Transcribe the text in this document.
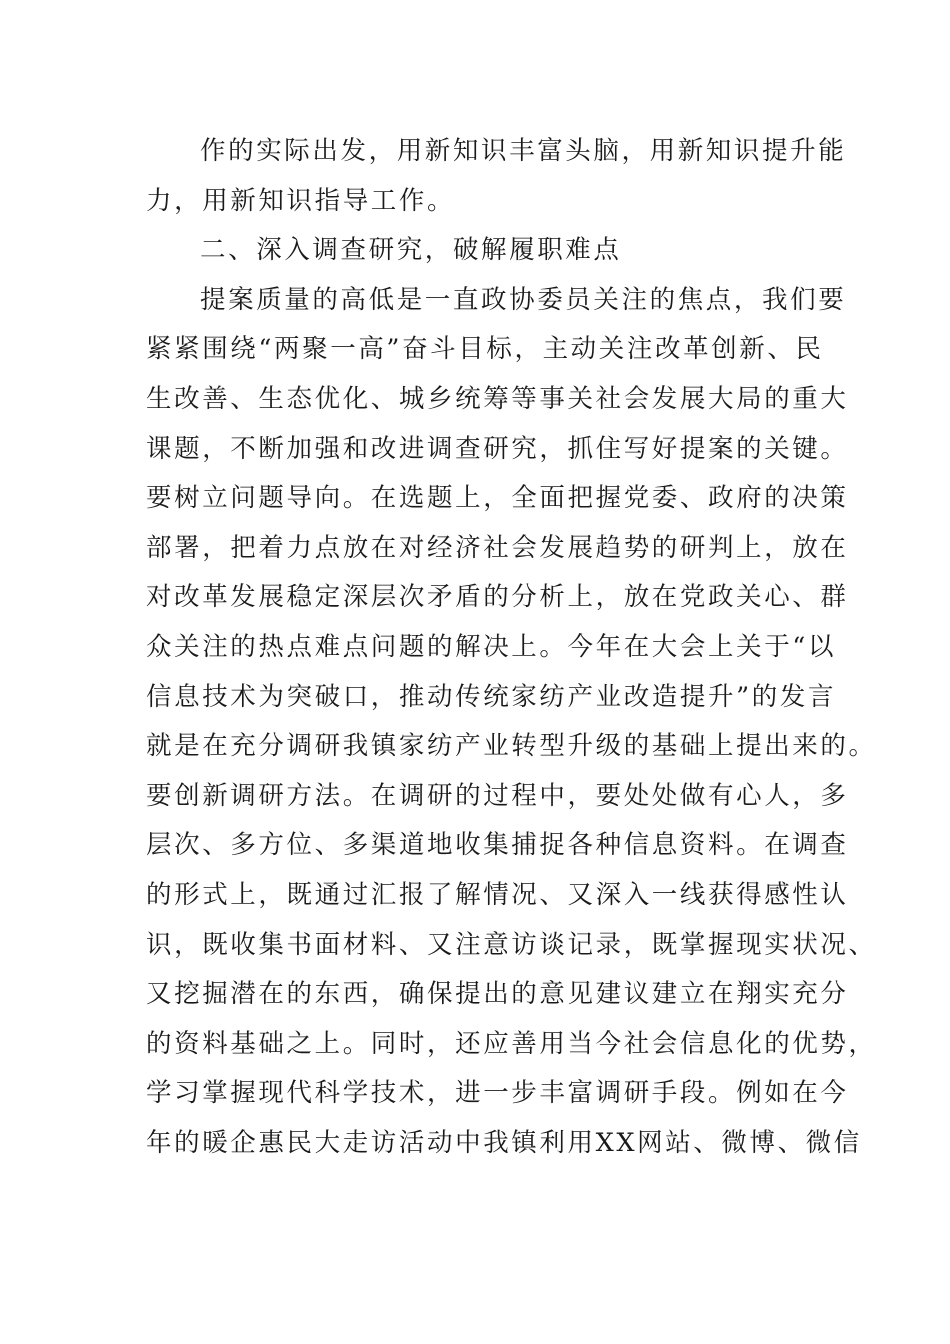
作的实际出发，用新知识丰富头脑，用新知识提升能
力，用新知识指导工作。
二、深入调查研究，破解履职难点
提案质量的高低是一直政协委员关注的焦点，我们要
紧紧围绕“两聚一高”奋斗目标，主动关注改革创新、民
生改善、生态优化、城乡统筹等事关社会发展大局的重大
课题，不断加强和改进调查研究，抓住写好提案的关键。
要树立问题导向。在选题上，全面把握党委、政府的决策
部署，把着力点放在对经济社会发展趋势的研判上，放在
对改革发展稳定深层次矛盾的分析上，放在党政关心、群
众关注的热点难点问题的解决上。今年在大会上关于“以
信息技术为突破口，推动传统家纺产业改造提升”的发言
就是在充分调研我镇家纺产业转型升级的基础上提出来的。
要创新调研方法。在调研的过程中，要处处做有心人，多
层次、多方位、多渠道地收集捕捉各种信息资料。在调查
的形式上，既通过汇报了解情况、又深入一线获得感性认
识，既收集书面材料、又注意访谈记录，既掌握现实状况、
又挖掘潜在的东西，确保提出的意见建议建立在翔实充分
的资料基础之上。同时，还应善用当今社会信息化的优势，
学习掌握现代科学技术，进一步丰富调研手段。例如在今
年的暖企惠民大走访活动中我镇利用XX网站、微博、微信
